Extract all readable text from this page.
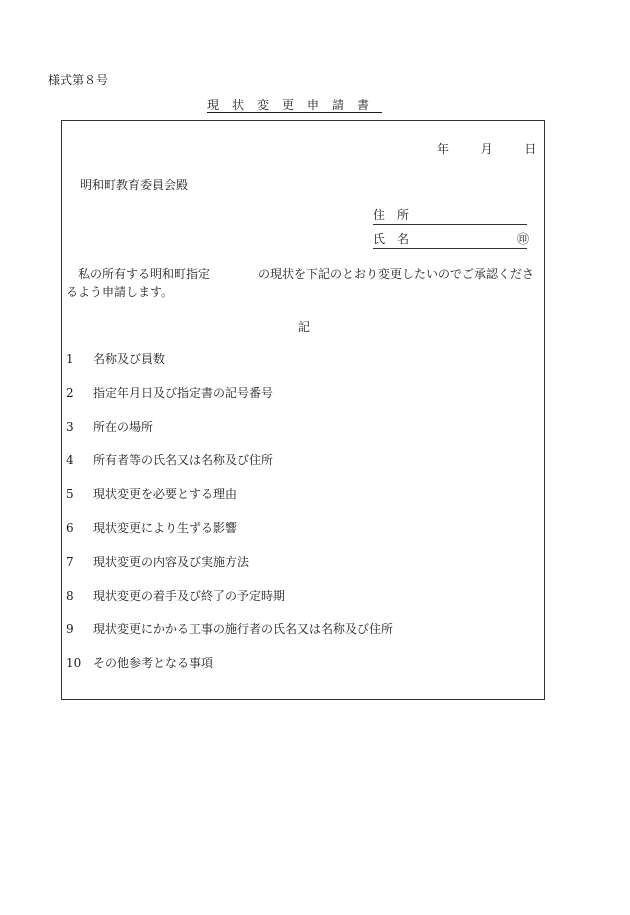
様式第８号
現状変更申請書
年	月	日
明和町教育委員会殿
住所
氏名	㊞
　私の所有する明和町指定	の現状を下記のとおり変更したいのでご承認くださるよう申請します。
記
1 名称及び員数
2 指定年月日及び指定書の記号番号
3 所在の場所
4 所有者等の氏名又は名称及び住所
5 現状変更を必要とする理由
6 現状変更により生ずる影響
7 現状変更の内容及び実施方法
8 現状変更の着手及び終了の予定時期
9 現状変更にかかる工事の施行者の氏名又は名称及び住所
10 その他参考となる事項
